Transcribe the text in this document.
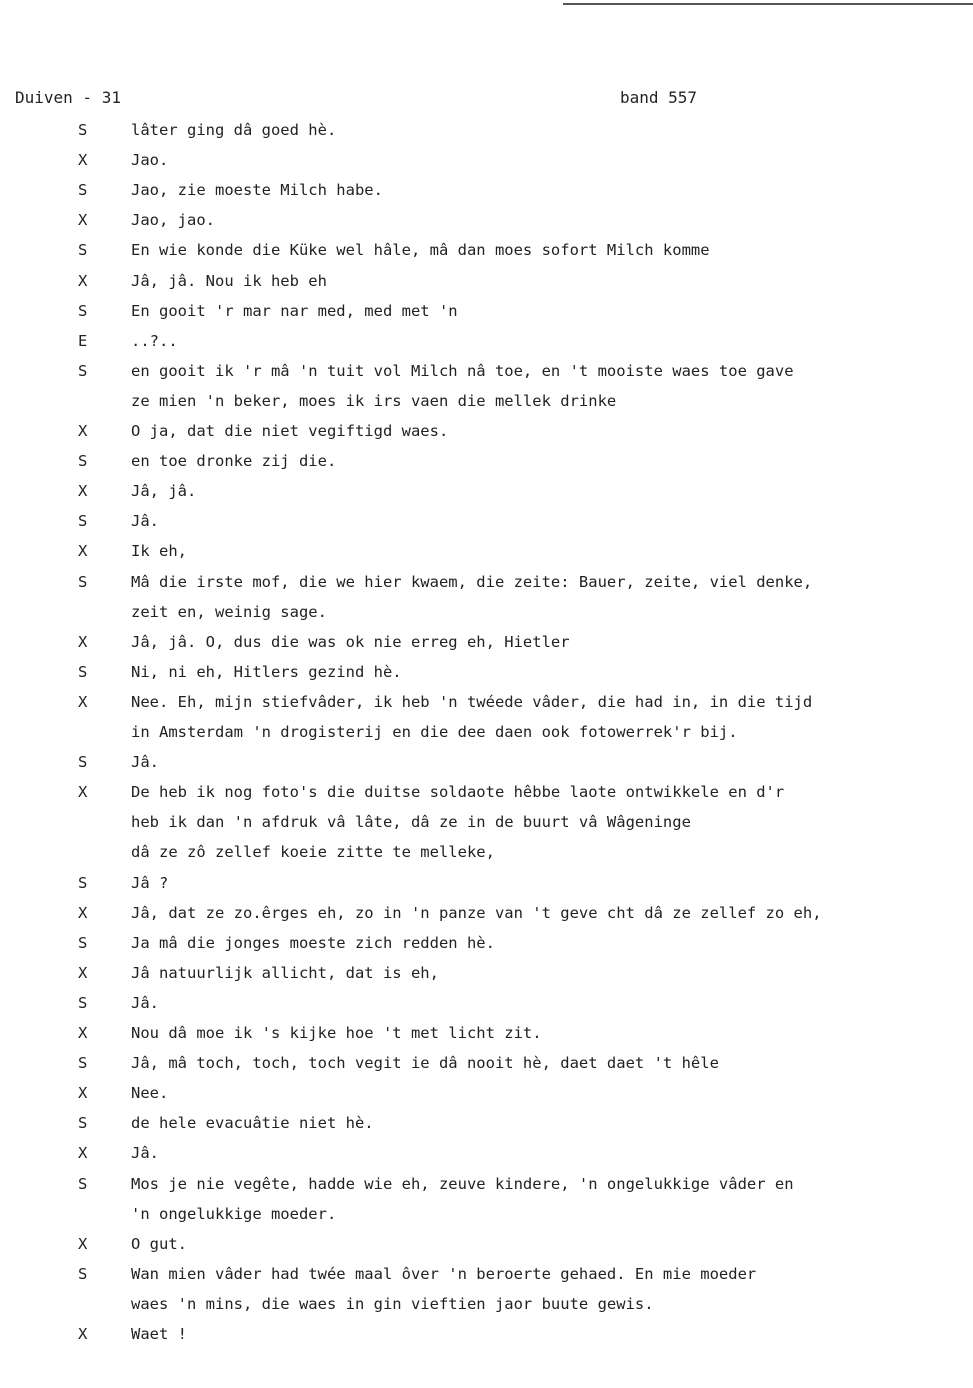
Duiven - 31	band 557
S	lâter ging dâ goed hè.
X	Jao.
S	Jao, zie moeste Milch habe.
X	Jao, jao.
S	En wie konde die Küke wel hâle, mâ dan moes sofort Milch komme
X	Jâ, jâ. Nou ik heb eh
S	En gooit 'r mar nar med, med met 'n
E	..?..
S	en gooit ik 'r mâ 'n tuit vol Milch nâ toe, en 't mooiste waes toe gave
ze mien 'n beker, moes ik irs vaen die mellek drinke
X	O ja, dat die niet vegiftigd waes.
S	en toe dronke zij die.
X	Jâ, jâ.
S	Jâ.
X	Ik eh,
S	Mâ die irste mof, die we hier kwaem, die zeite: Bauer, zeite, viel denke,
zeit en, weinig sage.
X	Jâ, jâ. O, dus die was ok nie erreg eh, Hietler
S	Ni, ni eh, Hitlers gezind hè.
X	Nee. Eh, mijn stiefvâder, ik heb 'n twéede vâder, die had in, in die tijd
in Amsterdam 'n drogisterij en die dee daen ook fotowerrek'r bij.
S	Jâ.
X	De heb ik nog foto's die duitse soldaote hêbbe laote ontwikkele en d'r
heb ik dan 'n afdruk vâ lâte, dâ ze in de buurt vâ Wâgeninge
dâ ze zô zellef koeie zitte te melleke,
S	Jâ ?
X	Jâ, dat ze zo.êrges eh, zo in 'n panze van 't geve cht dâ ze zellef zo eh,
S	Ja mâ die jonges moeste zich redden hè.
X	Jâ natuurlijk allicht, dat is eh,
S	Jâ.
X	Nou dâ moe ik 's kijke hoe 't met licht zit.
S	Jâ, mâ toch, toch, toch vegit ie dâ nooit hè, daet daet 't hêle
X	Nee.
S	de hele evacuâtie niet hè.
X	Jâ.
S	Mos je nie vegête, hadde wie eh, zeuve kindere, 'n ongelukkige vâder en
'n ongelukkige moeder.
X	O gut.
S	Wan mien vâder had twée maal ôver 'n beroerte gehaed. En mie moeder
waes 'n mins, die waes in gin vieftien jaor buute gewis.
X	Waet !
